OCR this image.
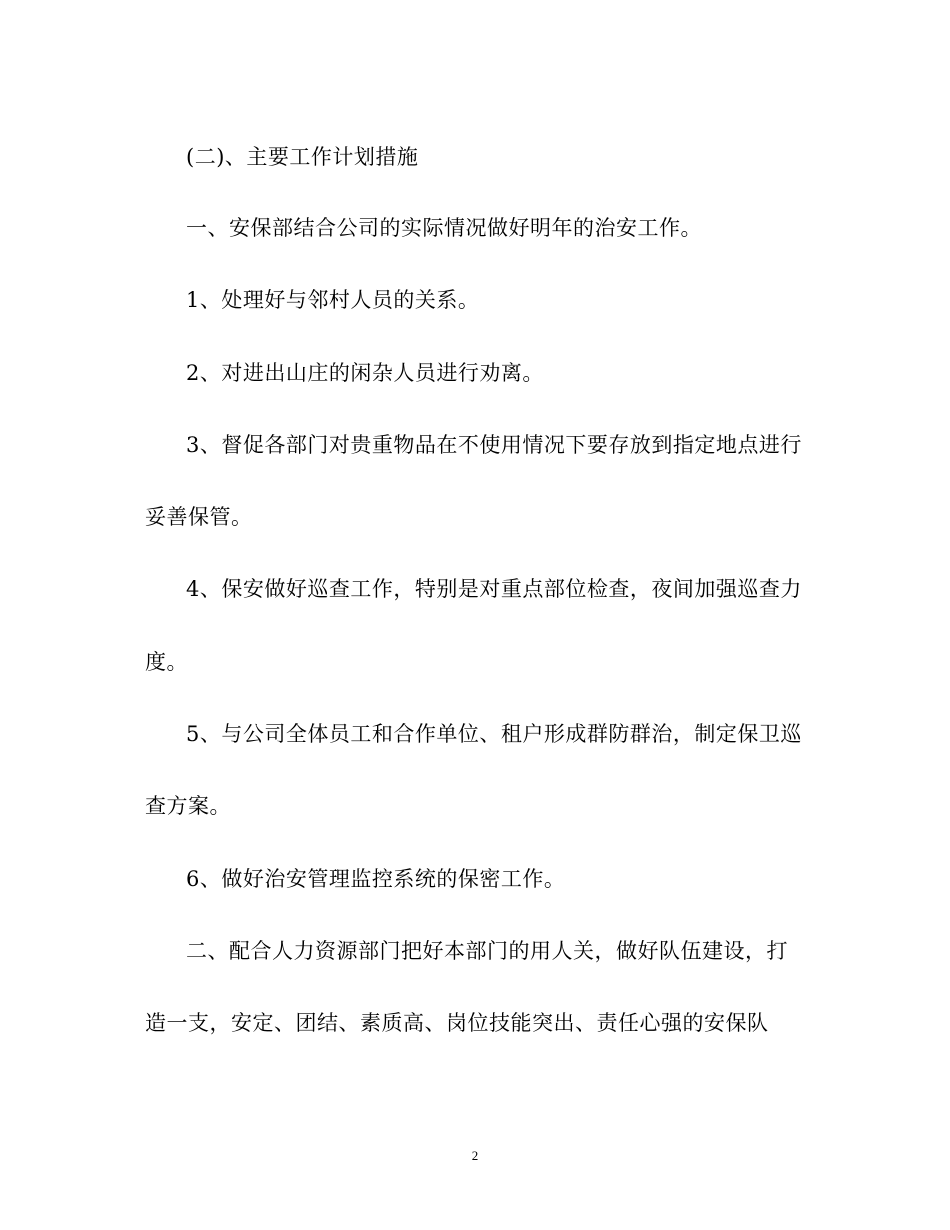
(二)、主要工作计划措施

一、安保部结合公司的实际情况做好明年的治安工作。

1、处理好与邻村人员的关系。

2、对进出山庄的闲杂人员进行劝离。

3、督促各部门对贵重物品在不使用情况下要存放到指定地点进行

妥善保管。

4、保安做好巡查工作，特别是对重点部位检查，夜间加强巡查力

度。

5、与公司全体员工和合作单位、租户形成群防群治，制定保卫巡

查方案。

6、做好治安管理监控系统的保密工作。

二、配合人力资源部门把好本部门的用人关，做好队伍建设，打

造一支，安定、团结、素质高、岗位技能突出、责任心强的安保队

2
